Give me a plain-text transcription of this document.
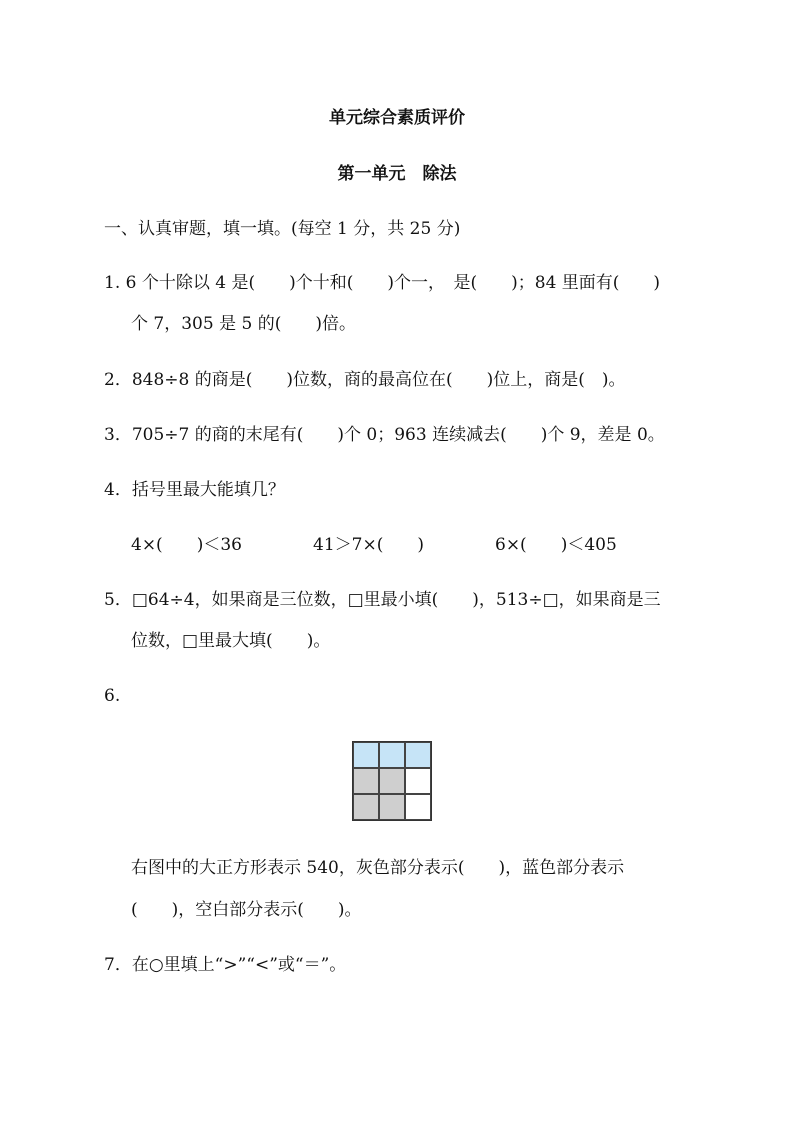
单元综合素质评价
第一单元　除法
一、认真审题，填一填。(每空 1 分，共 25 分)
1. 6 个十除以 4 是(　　)个十和(　　)个一，　是(　　)；84 里面有(　　)
个 7，305 是 5 的(　　)倍。
2．848÷8 的商是(　　)位数，商的最高位在(　　)位上，商是(　)。
3．705÷7 的商的末尾有(　　)个 0；963 连续减去(　　)个 9，差是 0。
4．括号里最大能填几？
4×(　　)＜36	41＞7×(　　)	6×(　　)＜405
5．□64÷4，如果商是三位数，□里最小填(　　)，513÷□，如果商是三
位数，□里最大填(　　)。
6.
右图中的大正方形表示 540，灰色部分表示(　　)，蓝色部分表示
(　　)，空白部分表示(　　)。
7．在○里填上“>”“<”或“＝”。
